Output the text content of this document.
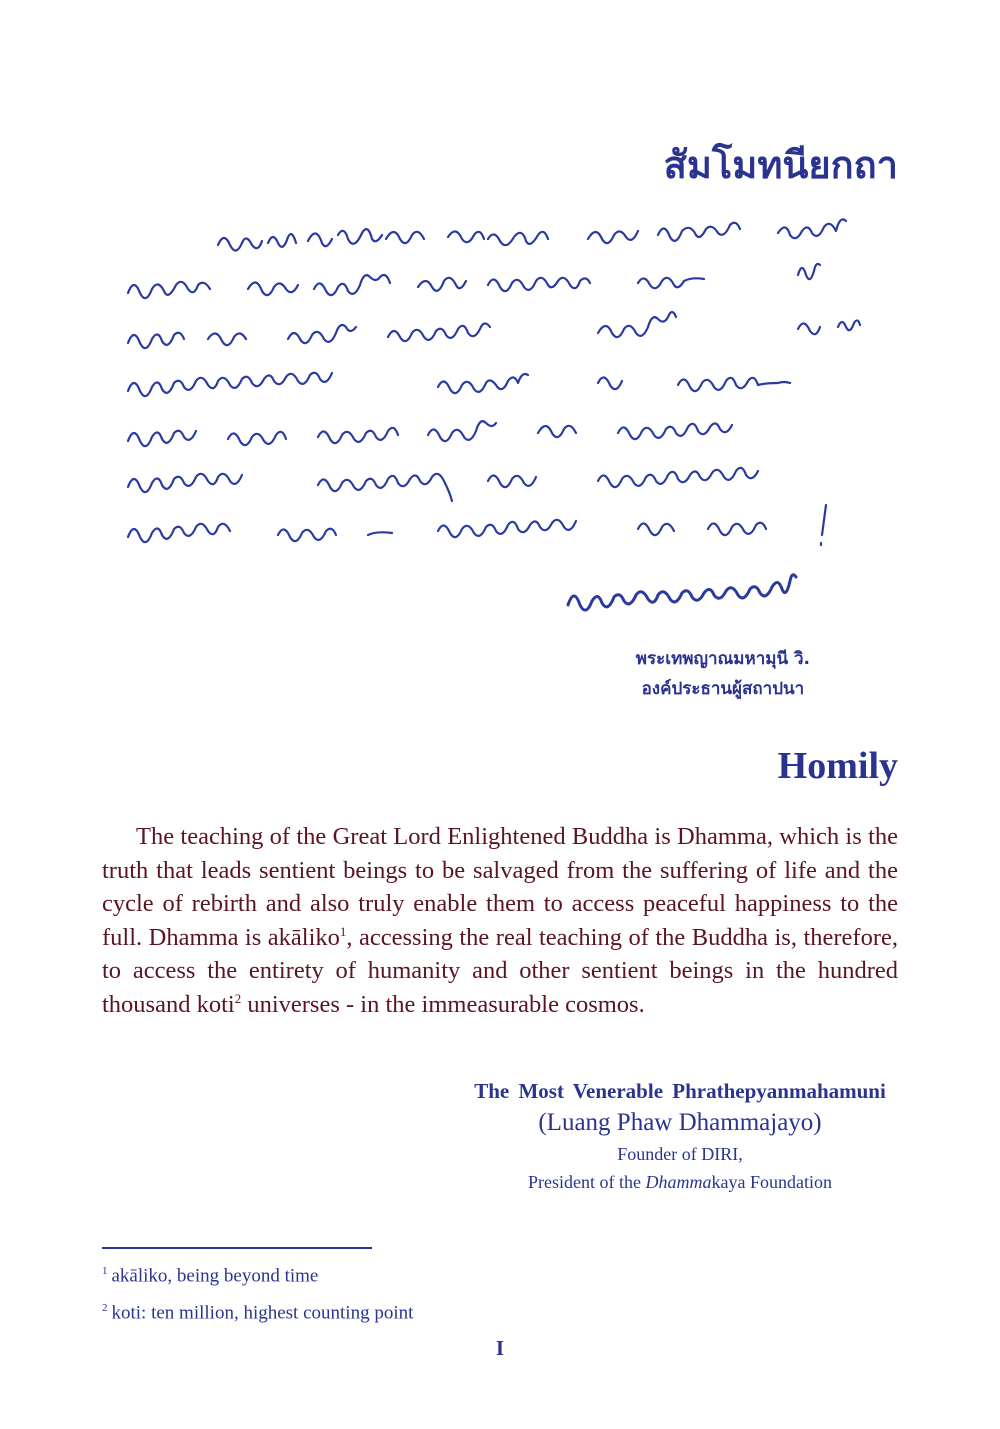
สัมโมทนียกถา
พระเทพญาณมหามุนี วิ.
องค์ประธานผู้สถาปนา
Homily

The teaching of the Great Lord Enlightened Buddha is Dhamma, which is the truth that leads sentient beings to be salvaged from the suffering of life and the cycle of rebirth and also truly enable them to access peaceful happiness to the full. Dhamma is akāliko$^1$, accessing the real teaching of the Buddha is, therefore, to access the entirety of humanity and other sentient beings in the hundred thousand koti$^2$ universes - in the immeasurable cosmos.

The Most Venerable Phrathepyanmahamuni
(Luang Phaw Dhammajayo)
Founder of DIRI,
President of the Dhammakaya Foundation
$^1$ akāliko, being beyond time
$^2$ koti: ten million, highest counting point
I
